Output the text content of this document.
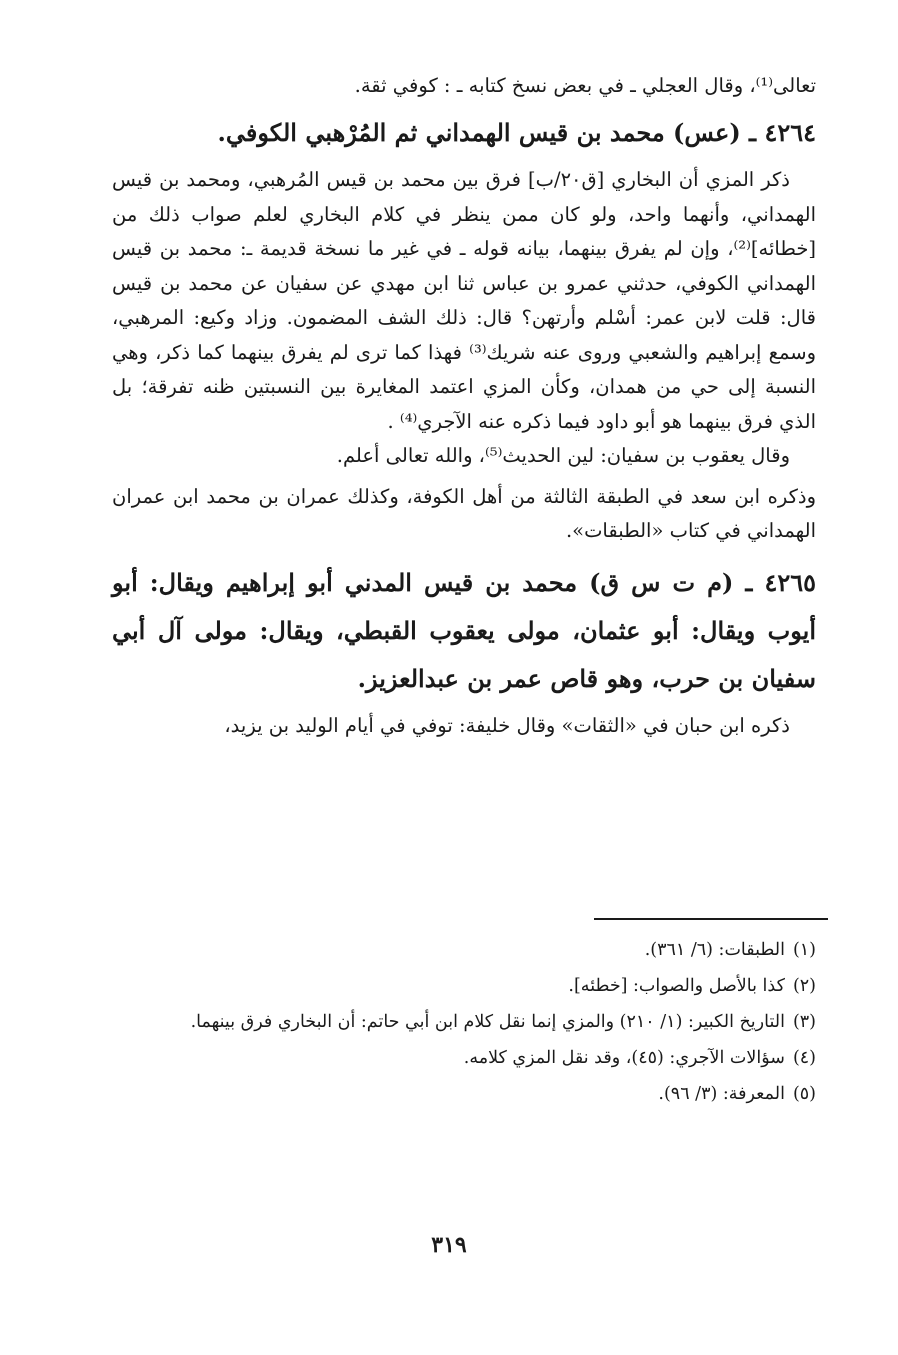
تعالى⁽¹⁾، وقال العجلي ـ في بعض نسخ كتابه ـ : كوفي ثقة.

٤٢٦٤ ـ (عس) محمد بن قيس الهمداني ثم المُرْهبي الكوفي.

ذكر المزي أن البخاري [ق٢٠/ب] فرق بين محمد بن قيس المُرهبي، ومحمد بن قيس الهمداني، وأنهما واحد، ولو كان ممن ينظر في كلام البخاري لعلم صواب ذلك من [خطائه]⁽²⁾، وإن لم يفرق بينهما، بيانه قوله ـ في غير ما نسخة قديمة ـ: محمد بن قيس الهمداني الكوفي، حدثني عمرو بن عباس ثنا ابن مهدي عن سفيان عن محمد بن قيس قال: قلت لابن عمر: أسْلم وأرتهن؟ قال: ذلك الشف المضمون. وزاد وكيع: المرهبي، وسمع إبراهيم والشعبي وروى عنه شريك⁽³⁾ فهذا كما ترى لم يفرق بينهما كما ذكر، وهي النسبة إلى حي من همدان، وكأن المزي اعتمد المغايرة بين النسبتين ظنه تفرقة؛ بل الذي فرق بينهما هو أبو داود فيما ذكره عنه الآجري⁽⁴⁾ .

وقال يعقوب بن سفيان: لين الحديث⁽⁵⁾، والله تعالى أعلم.

وذكره ابن سعد في الطبقة الثالثة من أهل الكوفة، وكذلك عمران بن محمد ابن عمران الهمداني في كتاب «الطبقات».

٤٢٦٥ ـ (م ت س ق) محمد بن قيس المدني أبو إبراهيم ويقال: أبو أيوب ويقال: أبو عثمان، مولى يعقوب القبطي، ويقال: مولى آل أبي سفيان بن حرب، وهو قاص عمر بن عبدالعزيز.

ذكره ابن حبان في «الثقات» وقال خليفة: توفي في أيام الوليد بن يزيد،

(١)الطبقات: (٦/ ٣٦١).

(٢)كذا بالأصل والصواب: [خطئه].

(٣)التاريخ الكبير: (١/ ٢١٠) والمزي إنما نقل كلام ابن أبي حاتم: أن البخاري فرق بينهما.

(٤)سؤالات الآجري: (٤٥)، وقد نقل المزي كلامه.

(٥)المعرفة: (٣/ ٩٦).

٣١٩
